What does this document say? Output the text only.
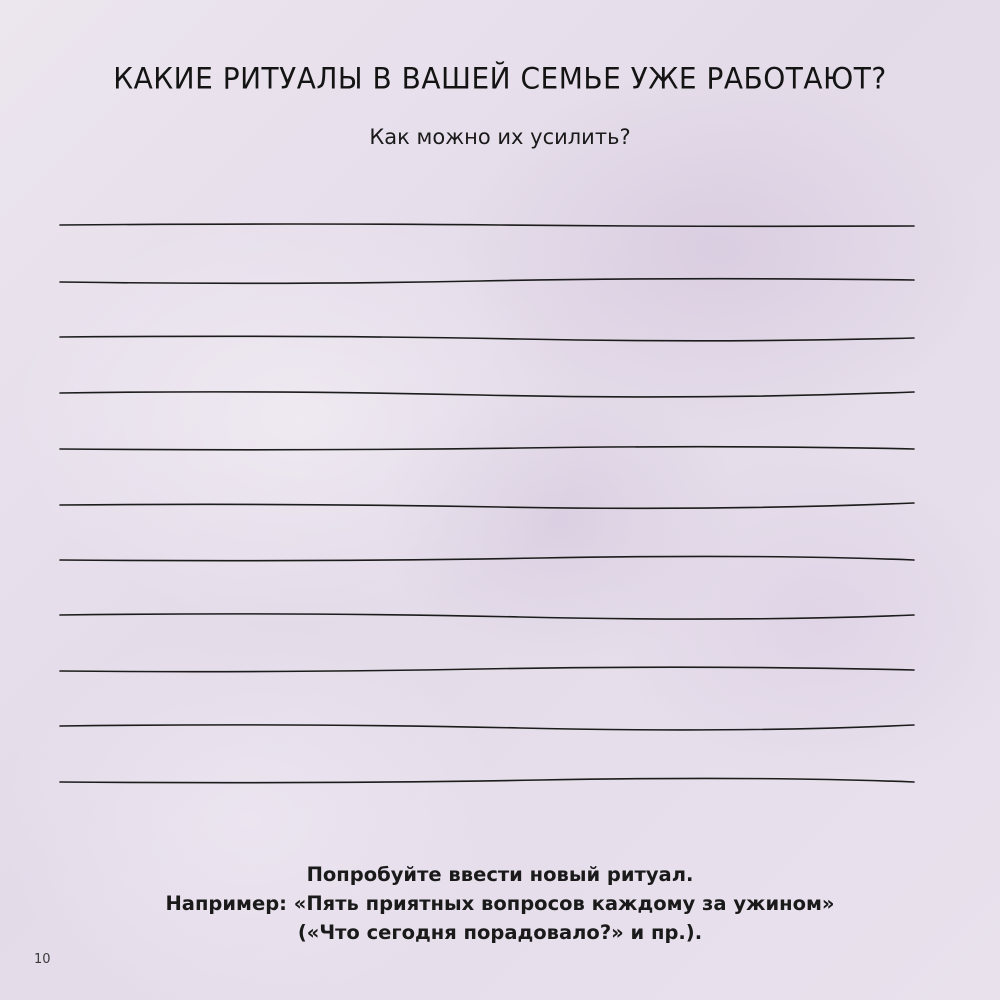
КАКИЕ РИТУАЛЫ В ВАШЕЙ СЕМЬЕ УЖЕ РАБОТАЮТ?
Как можно их усилить?
Попробуйте ввести новый ритуал.
Например: «Пять приятных вопросов каждому за ужином»
(«Что сегодня порадовало?» и пр.).
10
